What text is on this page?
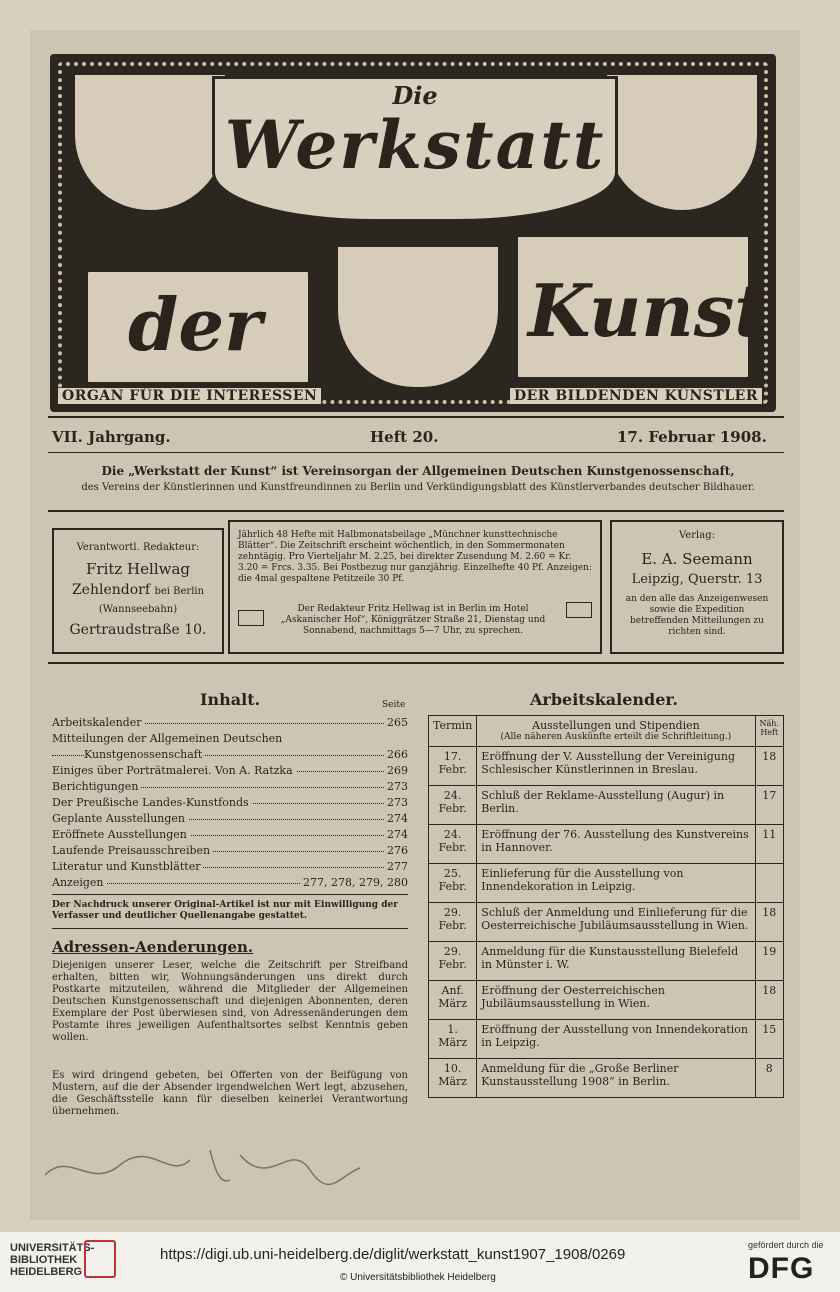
Die
Werkstatt
der	Kunst
ORGAN FÜR DIE INTERESSEN	DER BILDENDEN KÜNSTLER
VII. Jahrgang.	Heft 20.	17. Februar 1908.
Die „Werkstatt der Kunst“ ist Vereinsorgan der Allgemeinen Deutschen Kunstgenossenschaft,
des Vereins der Künstlerinnen und Kunstfreundinnen zu Berlin und Verkündigungsblatt des Künstlerverbandes deutscher Bildhauer.
Verantwortl. Redakteur:
Fritz Hellwag
Zehlendorf bei Berlin
(Wannseebahn)
Gertraudstraße 10.
Jährlich 48 Hefte mit Halbmonatsbeilage „Münchner kunsttechnische Blätter“. Die Zeitschrift erscheint wöchentlich, in den Sommermonaten zehntägig. Pro Vierteljahr M. 2.25, bei direkter Zusendung M. 2.60 = Kr. 3.20 = Frcs. 3.35. Bei Postbezug nur ganzjährig. Einzelhefte 40 Pf. Anzeigen: die 4mal gespaltene Petitzeile 30 Pf.
Der Redakteur Fritz Hellwag ist in Berlin im Hotel „Askanischer Hof“, Königgrätzer Straße 21, Dienstag und Sonnabend, nachmittags 5—7 Uhr, zu sprechen.
Verlag:
E. A. Seemann
Leipzig, Querstr. 13
an den alle das Anzeigenwesen sowie die Expedition betreffenden Mitteilungen zu richten sind.
Inhalt.	Seite
Arbeitskalender	265
Mitteilungen der Allgemeinen Deutschen
Kunstgenossenschaft	266
Einiges über Porträtmalerei. Von A. Ratzka	269
Berichtigungen	273
Der Preußische Landes-Kunstfonds	273
Geplante Ausstellungen	274
Eröffnete Ausstellungen	274
Laufende Preisausschreiben	276
Literatur und Kunstblätter	277
Anzeigen	277, 278, 279, 280
Der Nachdruck unserer Original-Artikel ist nur mit Einwilligung der Verfasser und deutlicher Quellenangabe gestattet.
Adressen-Aenderungen.
Diejenigen unserer Leser, welche die Zeitschrift per Streifband erhalten, bitten wir, Wohnungsänderungen uns direkt durch Postkarte mitzuteilen, während die Mitglieder der Allgemeinen Deutschen Kunstgenossenschaft und diejenigen Abonnenten, deren Exemplare der Post überwiesen sind, von Adressenänderungen dem Postamte ihres jeweiligen Aufenthaltsortes selbst Kenntnis geben wollen.
Es wird dringend gebeten, bei Offerten von der Beifügung von Mustern, auf die der Absender irgendwelchen Wert legt, abzusehen, die Geschäftsstelle kann für dieselben keinerlei Verantwortung übernehmen.
Arbeitskalender.
Termin	Ausstellungen und Stipendien
(Alle näheren Auskünfte erteilt die Schriftleitung.)	Näh. Heft
17. Febr.	Eröffnung der V. Ausstellung der Vereinigung Schlesischer Künstlerinnen in Breslau.	18
24. Febr.	Schluß der Reklame-Ausstellung (Augur) in Berlin.	17
24. Febr.	Eröffnung der 76. Ausstellung des Kunstvereins in Hannover.	11
25. Febr.	Einlieferung für die Ausstellung von Innendekoration in Leipzig.	
29. Febr.	Schluß der Anmeldung und Einlieferung für die Oesterreichische Jubiläumsausstellung in Wien.	18
29. Febr.	Anmeldung für die Kunstausstellung Bielefeld in Münster i. W.	19
Anf. März	Eröffnung der Oesterreichischen Jubiläumsausstellung in Wien.	18
1. März	Eröffnung der Ausstellung von Innendekoration in Leipzig.	15
10. März	Anmeldung für die „Große Berliner Kunstausstellung 1908“ in Berlin.	8
UNIVERSITÄTS-
BIBLIOTHEK
HEIDELBERG
https://digi.ub.uni-heidelberg.de/diglit/werkstatt_kunst1907_1908/0269
© Universitätsbibliothek Heidelberg
gefördert durch die
DFG
